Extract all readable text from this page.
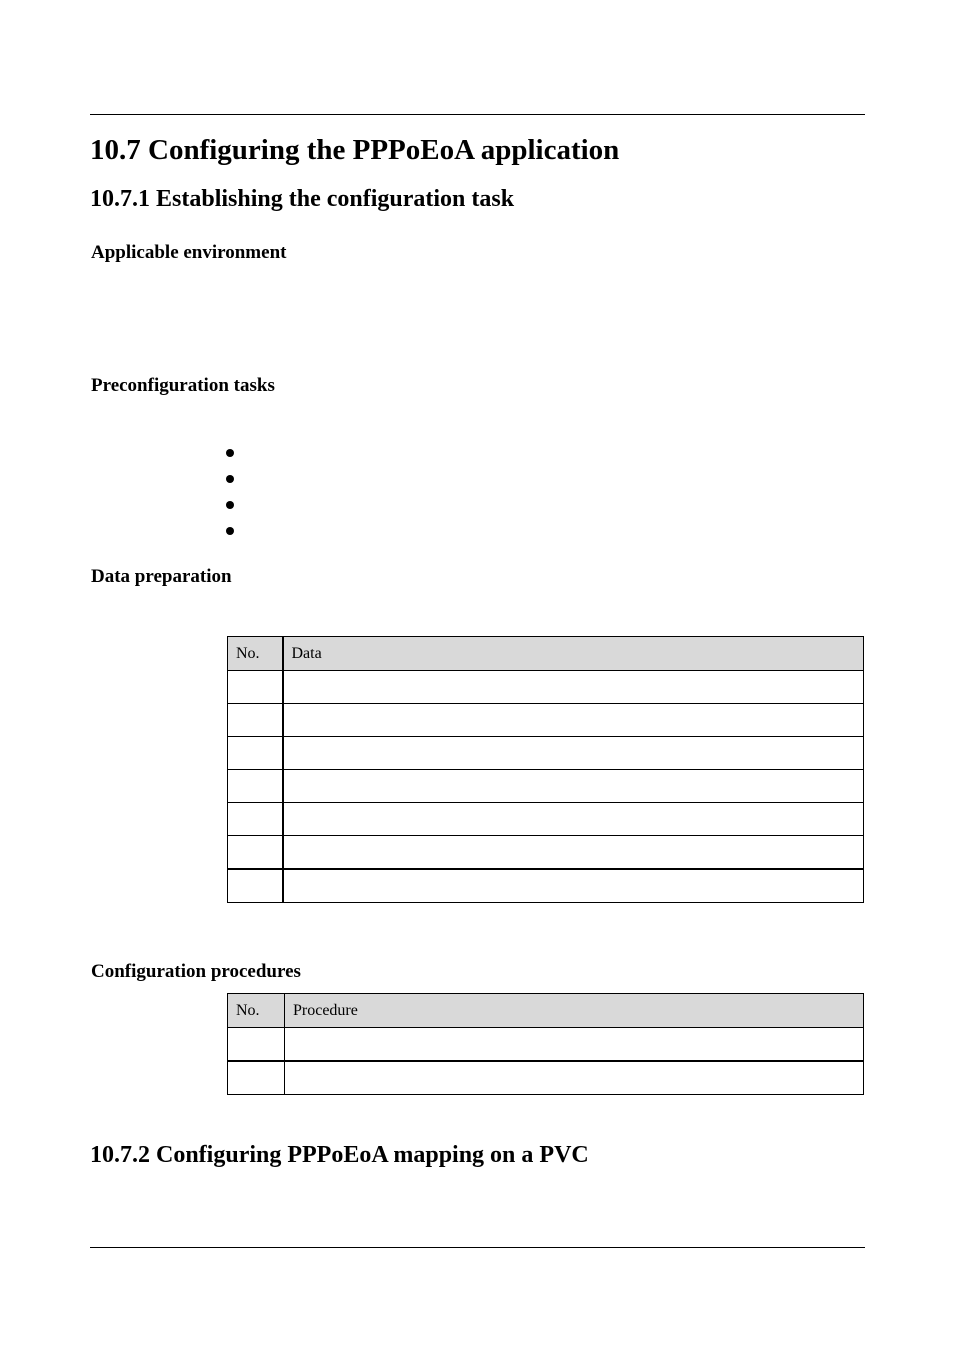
10.7 Configuring the PPPoEoA application
10.7.1 Establishing the configuration task
Applicable environment
Preconfiguration tasks
Data preparation
No.	Data

Configuration procedures
No.	Procedure

10.7.2 Configuring PPPoEoA mapping on a PVC
